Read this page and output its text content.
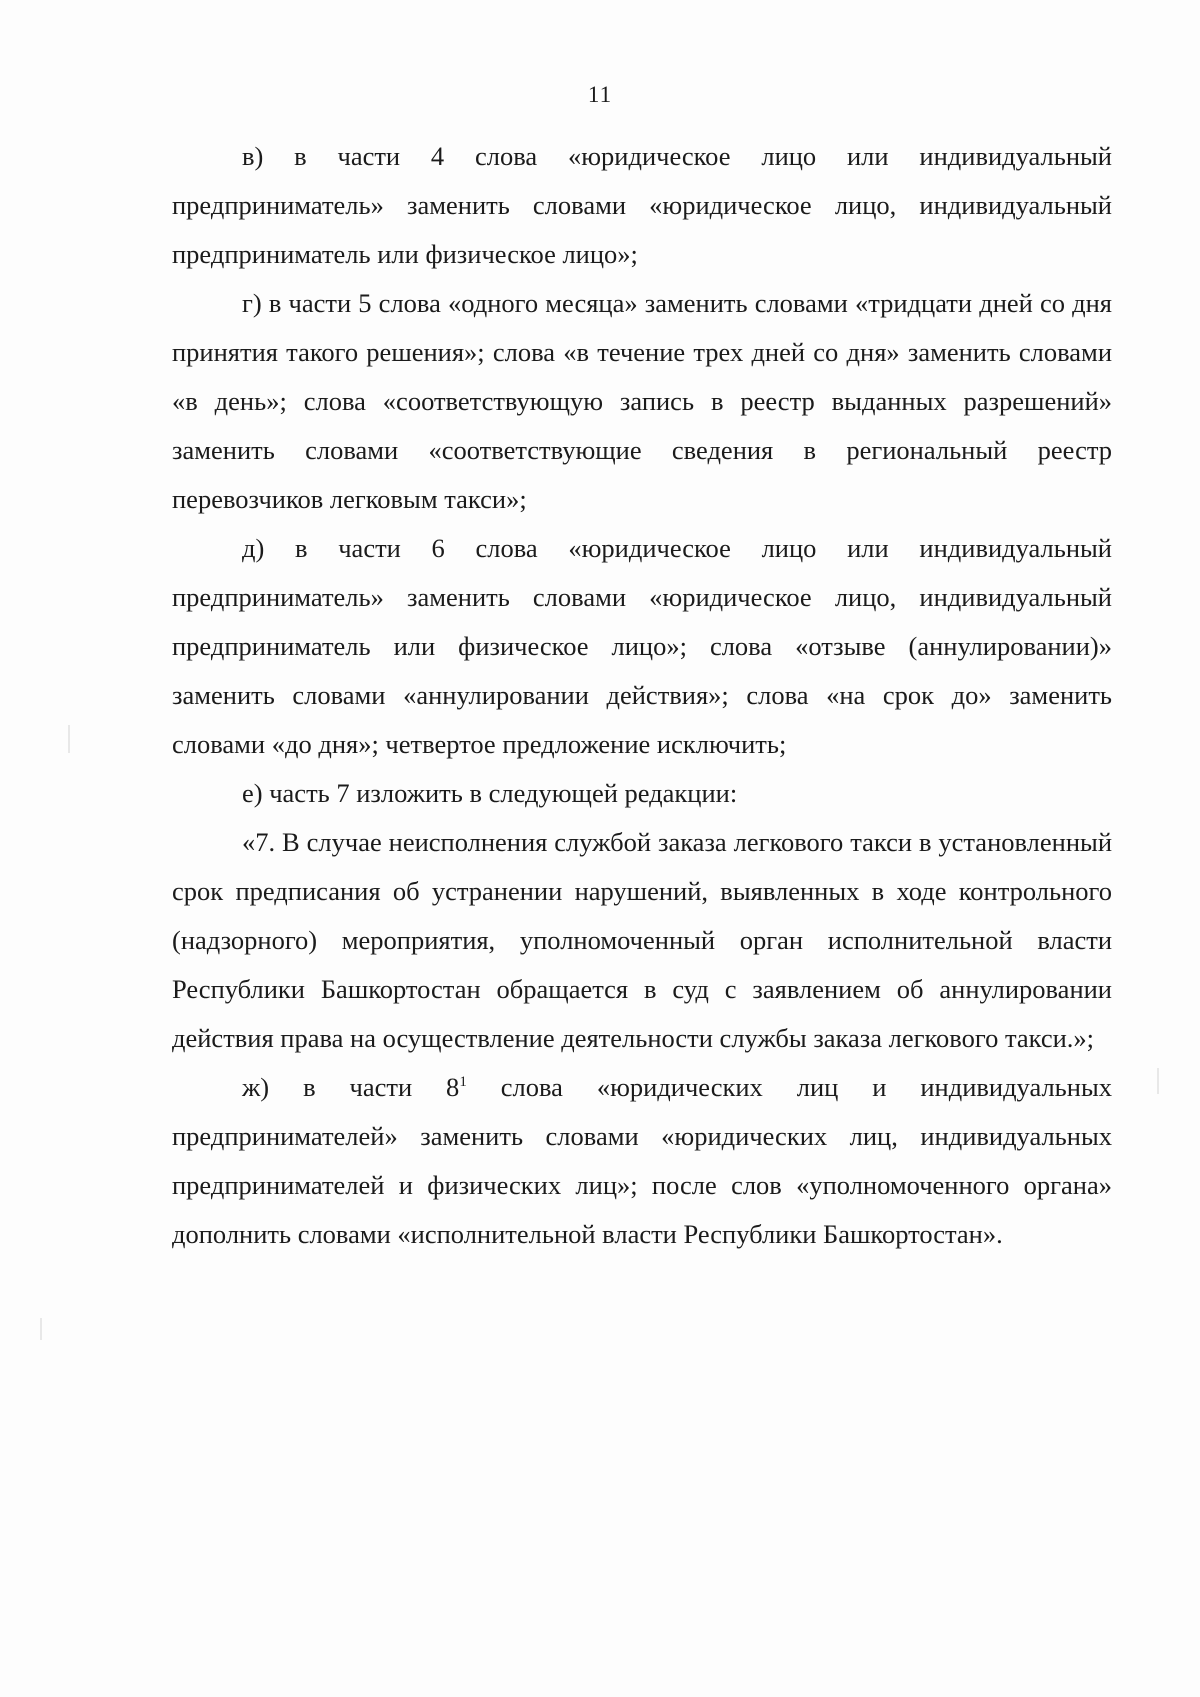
11

в) в части 4 слова «юридическое лицо или индивидуальный предприниматель» заменить словами «юридическое лицо, индивидуальный предприниматель или физическое лицо»;

г) в части 5 слова «одного месяца» заменить словами «тридцати дней со дня принятия такого решения»; слова «в течение трех дней со дня» заменить словами «в день»; слова «соответствующую запись в реестр выданных разрешений» заменить словами «соответствующие сведения в региональный реестр перевозчиков легковым такси»;

д) в части 6 слова «юридическое лицо или индивидуальный предприниматель» заменить словами «юридическое лицо, индивидуальный предприниматель или физическое лицо»; слова «отзыве (аннулировании)» заменить словами «аннулировании действия»; слова «на срок до» заменить словами «до дня»; четвертое предложение исключить;

е) часть 7 изложить в следующей редакции:

«7. В случае неисполнения службой заказа легкового такси в установленный срок предписания об устранении нарушений, выявленных в ходе контрольного (надзорного) мероприятия, уполномоченный орган исполнительной власти Республики Башкортостан обращается в суд с заявлением об аннулировании действия права на осуществление деятельности службы заказа легкового такси.»;

ж) в части $8^1$ слова «юридических лиц и индивидуальных предпринимателей» заменить словами «юридических лиц, индивидуальных предпринимателей и физических лиц»; после слов «уполномоченного органа» дополнить словами «исполнительной власти Республики Башкортостан».
